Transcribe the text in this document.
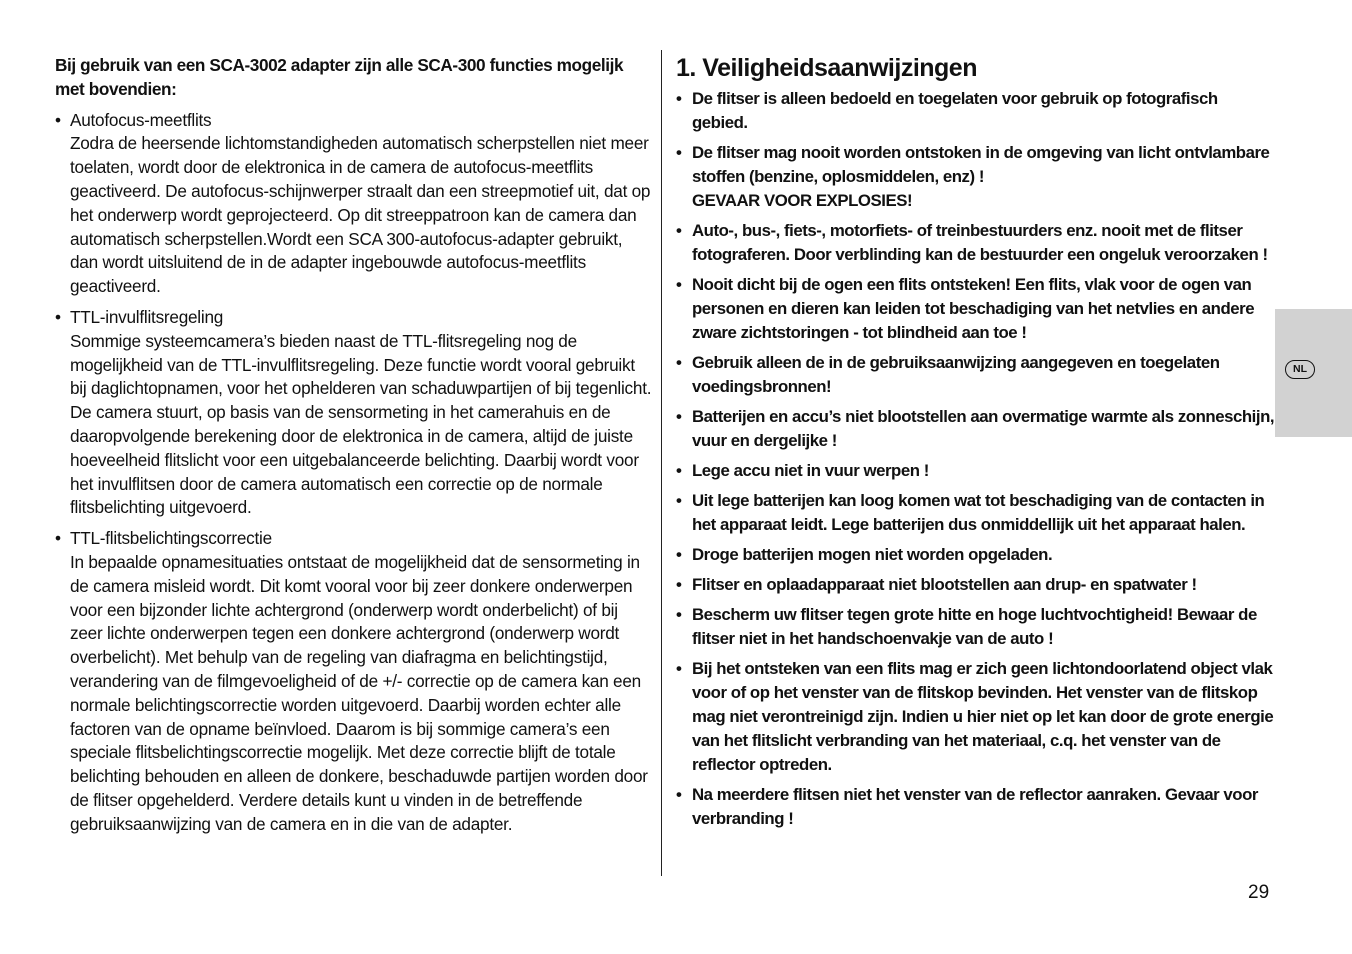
Bij gebruik van een SCA-3002 adapter zijn alle SCA-300 functies mogelijk met bovendien:

• Autofocus-meetflits
Zodra de heersende lichtomstandigheden automatisch scherpstellen niet meer toelaten, wordt door de elektronica in de camera de autofocus-meetflits geactiveerd. De autofocus-schijnwerper straalt dan een streepmotief uit, dat op het onderwerp wordt geprojecteerd. Op dit streeppatroon kan de camera dan automatisch scherpstellen.Wordt een SCA 300-autofocus-adapter gebruikt, dan wordt uitsluitend de in de adapter ingebouwde autofocus-meetflits geactiveerd.
• TTL-invulflitsregeling
Sommige systeemcamera’s bieden naast de TTL-flitsregeling nog de mogelijkheid van de TTL-invulflitsregeling. Deze functie wordt vooral gebruikt bij daglichtopnamen, voor het ophelderen van schaduwpartijen of bij tegenlicht. De camera stuurt, op basis van de sensormeting in het camerahuis en de daaropvolgende berekening door de elektronica in de camera, altijd de juiste hoeveelheid flitslicht voor een uitgebalanceerde belichting. Daarbij wordt voor het invulflitsen door de camera automatisch een correctie op de normale flitsbelichting uitgevoerd.
• TTL-flitsbelichtingscorrectie
In bepaalde opnamesituaties ontstaat de mogelijkheid dat de sensormeting in de camera misleid wordt. Dit komt vooral voor bij zeer donkere onderwerpen voor een bijzonder lichte achtergrond (onderwerp wordt onderbelicht) of bij zeer lichte onderwerpen tegen een donkere achtergrond (onderwerp wordt overbelicht). Met behulp van de regeling van diafragma en belichtingstijd, verandering van de filmgevoeligheid of de +/- correctie op de camera kan een normale belichtingscorrectie worden uitgevoerd. Daarbij worden echter alle factoren van de opname beïnvloed. Daarom is bij sommige camera’s een speciale flitsbelichtingscorrectie mogelijk. Met deze correctie blijft de totale belichting behouden en alleen de donkere, beschaduwde partijen worden door de flitser opgehelderd. Verdere details kunt u vinden in de betreffende gebruiksaanwijzing van de camera en in die van de adapter.
1. Veiligheidsaanwijzingen
• De flitser is alleen bedoeld en toegelaten voor gebruik op fotografisch gebied.
• De flitser mag nooit worden ontstoken in de omgeving van licht ontvlambare stoffen (benzine, oplosmiddelen, enz) !
GEVAAR VOOR EXPLOSIES!
• Auto-, bus-, fiets-, motorfiets- of treinbestuurders enz. nooit met de flitser fotograferen. Door verblinding kan de bestuurder een ongeluk veroorzaken !
• Nooit dicht bij de ogen een flits ontsteken! Een flits, vlak voor de ogen van personen en dieren kan leiden tot beschadiging van het netvlies en andere zware zichtstoringen - tot blindheid aan toe !
• Gebruik alleen de in de gebruiksaanwijzing aangegeven en toegelaten voedingsbronnen!
• Batterijen en accu’s niet blootstellen aan overmatige warmte als zonneschijn, vuur en dergelijke !
• Lege accu niet in vuur werpen !
• Uit lege batterijen kan loog komen wat tot beschadiging van de contacten in het apparaat leidt. Lege batterijen dus onmiddellijk uit het apparaat halen.
• Droge batterijen mogen niet worden opgeladen.
• Flitser en oplaadapparaat niet blootstellen aan drup- en spatwater !
• Bescherm uw flitser tegen grote hitte en hoge luchtvochtigheid! Bewaar de flitser niet in het handschoenvakje van de auto !
• Bij het ontsteken van een flits mag er zich geen lichtondoorlatend object vlak voor of op het venster van de flitskop bevinden. Het venster van de flitskop mag niet verontreinigd zijn. Indien u hier niet op let kan door de grote energie van het flitslicht verbranding van het materiaal, c.q. het venster van de reflector optreden.
• Na meerdere flitsen niet het venster van de reflector aanraken. Gevaar voor verbranding !
NL
29
